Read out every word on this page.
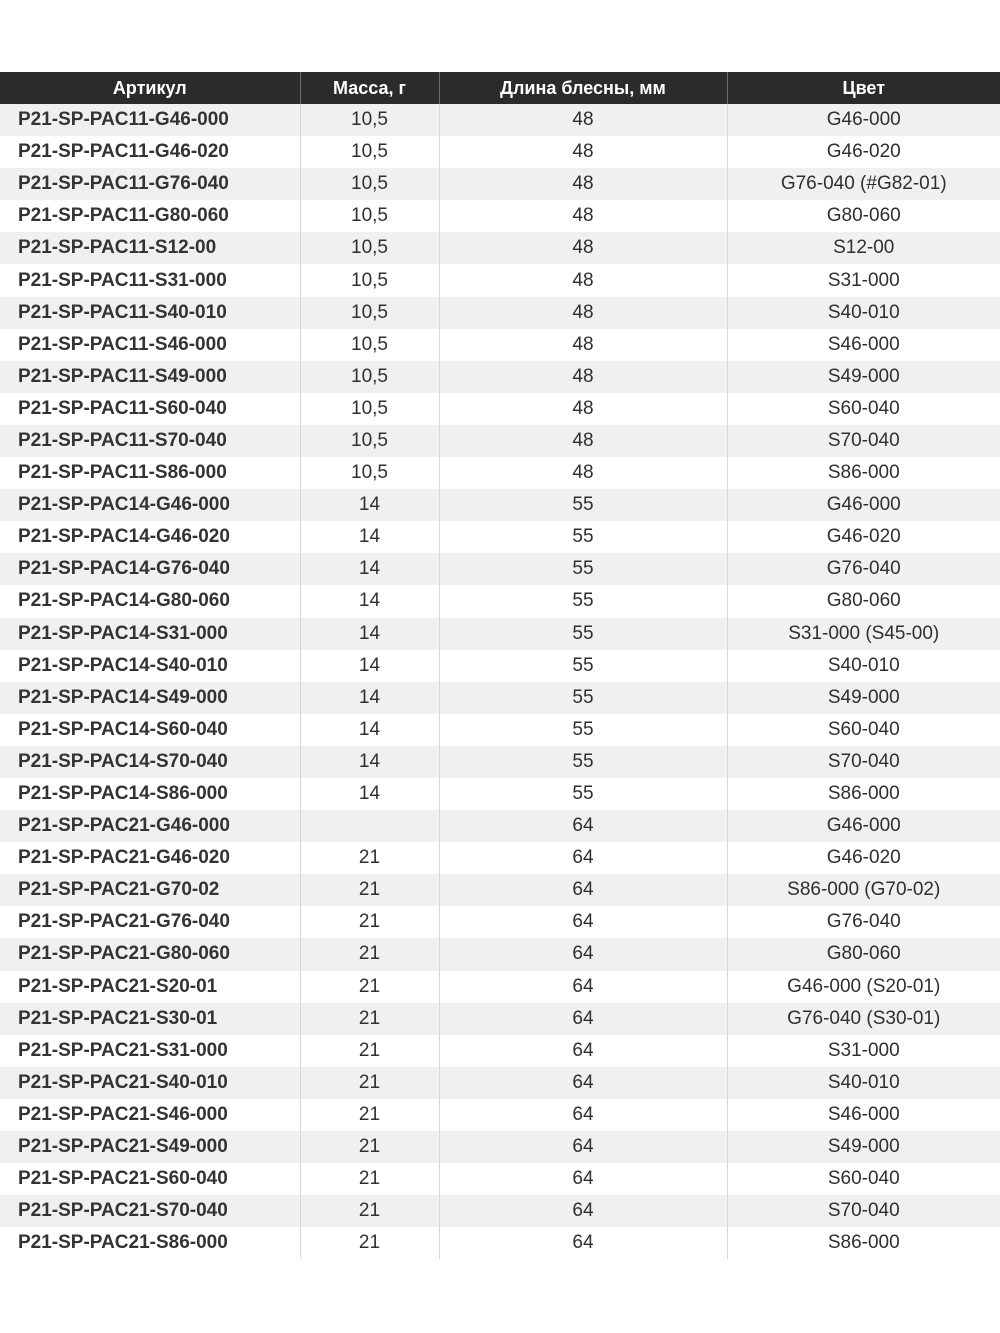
Артикул	Масса, г	Длина блесны, мм	Цвет
P21-SP-PAC11-G46-000	10,5	48	G46-000
P21-SP-PAC11-G46-020	10,5	48	G46-020
P21-SP-PAC11-G76-040	10,5	48	G76-040 (#G82-01)
P21-SP-PAC11-G80-060	10,5	48	G80-060
P21-SP-PAC11-S12-00	10,5	48	S12-00
P21-SP-PAC11-S31-000	10,5	48	S31-000
P21-SP-PAC11-S40-010	10,5	48	S40-010
P21-SP-PAC11-S46-000	10,5	48	S46-000
P21-SP-PAC11-S49-000	10,5	48	S49-000
P21-SP-PAC11-S60-040	10,5	48	S60-040
P21-SP-PAC11-S70-040	10,5	48	S70-040
P21-SP-PAC11-S86-000	10,5	48	S86-000
P21-SP-PAC14-G46-000	14	55	G46-000
P21-SP-PAC14-G46-020	14	55	G46-020
P21-SP-PAC14-G76-040	14	55	G76-040
P21-SP-PAC14-G80-060	14	55	G80-060
P21-SP-PAC14-S31-000	14	55	S31-000 (S45-00)
P21-SP-PAC14-S40-010	14	55	S40-010
P21-SP-PAC14-S49-000	14	55	S49-000
P21-SP-PAC14-S60-040	14	55	S60-040
P21-SP-PAC14-S70-040	14	55	S70-040
P21-SP-PAC14-S86-000	14	55	S86-000
P21-SP-PAC21-G46-000		64	G46-000
P21-SP-PAC21-G46-020	21	64	G46-020
P21-SP-PAC21-G70-02	21	64	S86-000 (G70-02)
P21-SP-PAC21-G76-040	21	64	G76-040
P21-SP-PAC21-G80-060	21	64	G80-060
P21-SP-PAC21-S20-01	21	64	G46-000 (S20-01)
P21-SP-PAC21-S30-01	21	64	G76-040 (S30-01)
P21-SP-PAC21-S31-000	21	64	S31-000
P21-SP-PAC21-S40-010	21	64	S40-010
P21-SP-PAC21-S46-000	21	64	S46-000
P21-SP-PAC21-S49-000	21	64	S49-000
P21-SP-PAC21-S60-040	21	64	S60-040
P21-SP-PAC21-S70-040	21	64	S70-040
P21-SP-PAC21-S86-000	21	64	S86-000
